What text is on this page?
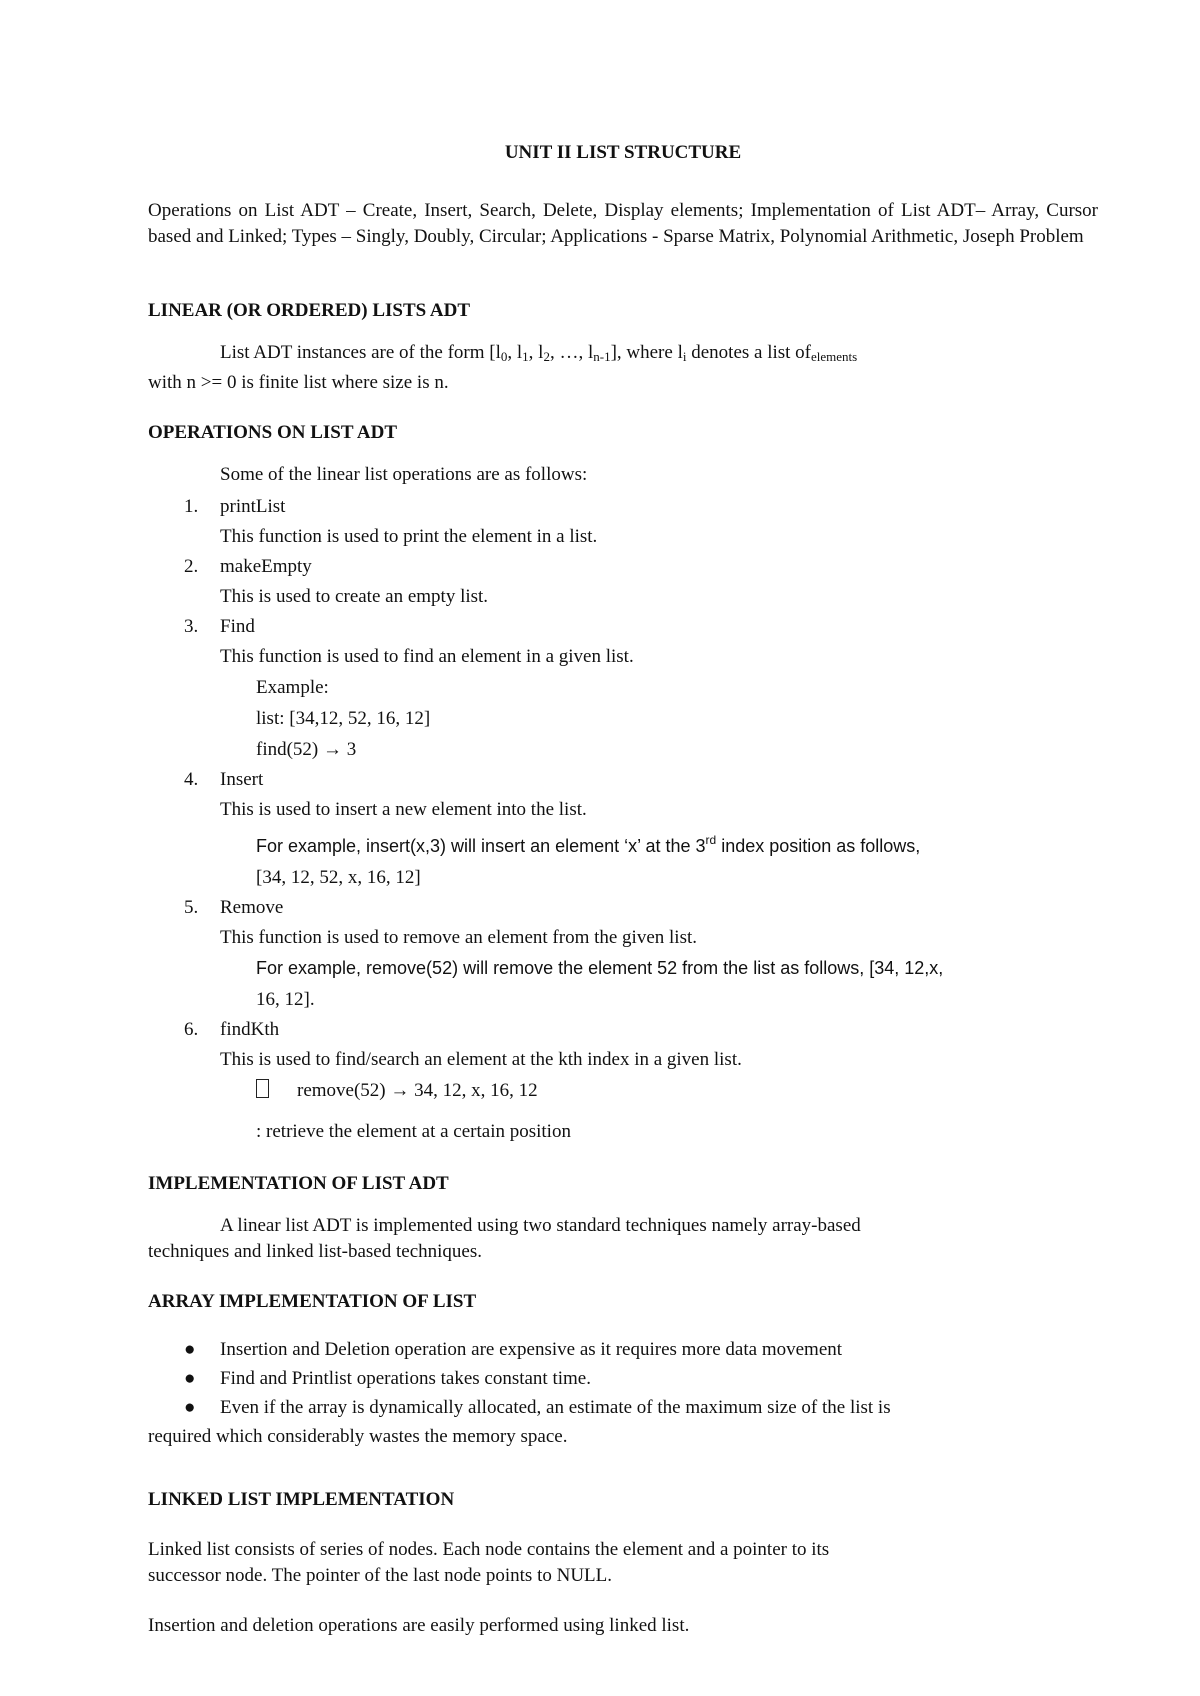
UNIT II LIST STRUCTURE

Operations on List ADT – Create, Insert, Search, Delete, Display elements; Implementation of List ADT– Array, Cursor based and Linked; Types – Singly, Doubly, Circular; Applications - Sparse Matrix, Polynomial Arithmetic, Joseph Problem

LINEAR (OR ORDERED) LISTS ADT

List ADT instances are of the form [$l_0$, $l_1$, $l_2$, …, $l_{n-1}$], where $l_i$ denotes a list $of_{elements}$

with n >= 0 is finite list where size is n.

OPERATIONS ON LIST ADT

Some of the linear list operations are as follows:

1. printList
This function is used to print the element in a list.
2. makeEmpty
This is used to create an empty list.
3. Find
This function is used to find an element in a given list.
Example:
list: [34,12, 52, 16, 12]
find(52) → 3
4. Insert
This is used to insert a new element into the list.
For example, insert(x,3) will insert an element ‘x’ at the 3rd index position as follows,
[34, 12, 52, x, 16, 12]
5. Remove
This function is used to remove an element from the given list.
For example, remove(52) will remove the element 52 from the list as follows, [34, 12,x,
16, 12].
6. findKth
This is used to find/search an element at the kth index in a given list.
remove(52) → 34, 12, x, 16, 12
: retrieve the element at a certain position
IMPLEMENTATION OF LIST ADT

A linear list ADT is implemented using two standard techniques namely array-based

techniques and linked list-based techniques.

ARRAY IMPLEMENTATION OF LIST
● Insertion and Deletion operation are expensive as it requires more data movement
● Find and Printlist operations takes constant time.
● Even if the array is dynamically allocated, an estimate of the maximum size of the list is
required which considerably wastes the memory space.
LINKED LIST IMPLEMENTATION

Linked list consists of series of nodes. Each node contains the element and a pointer to its

successor node. The pointer of the last node points to NULL.

Insertion and deletion operations are easily performed using linked list.
